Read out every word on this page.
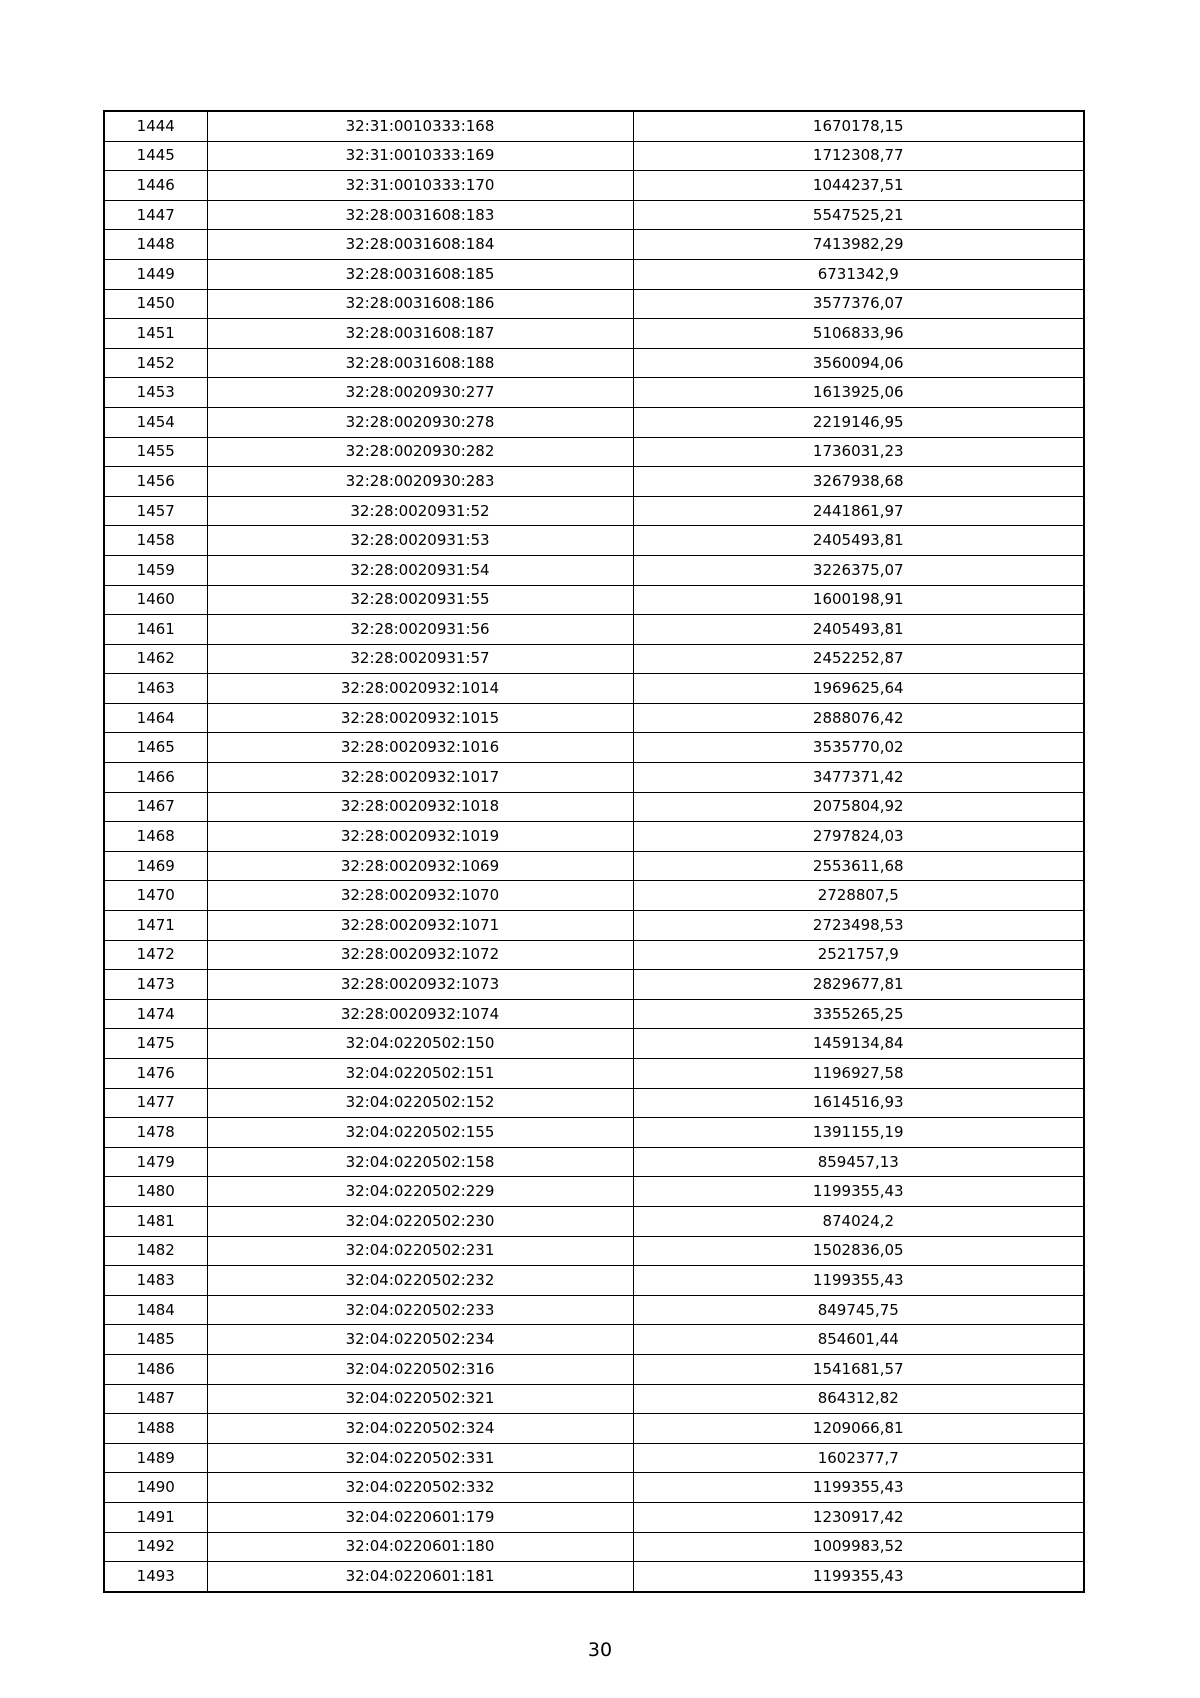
1444	32:31:0010333:168	1670178,15
1445	32:31:0010333:169	1712308,77
1446	32:31:0010333:170	1044237,51
1447	32:28:0031608:183	5547525,21
1448	32:28:0031608:184	7413982,29
1449	32:28:0031608:185	6731342,9
1450	32:28:0031608:186	3577376,07
1451	32:28:0031608:187	5106833,96
1452	32:28:0031608:188	3560094,06
1453	32:28:0020930:277	1613925,06
1454	32:28:0020930:278	2219146,95
1455	32:28:0020930:282	1736031,23
1456	32:28:0020930:283	3267938,68
1457	32:28:0020931:52	2441861,97
1458	32:28:0020931:53	2405493,81
1459	32:28:0020931:54	3226375,07
1460	32:28:0020931:55	1600198,91
1461	32:28:0020931:56	2405493,81
1462	32:28:0020931:57	2452252,87
1463	32:28:0020932:1014	1969625,64
1464	32:28:0020932:1015	2888076,42
1465	32:28:0020932:1016	3535770,02
1466	32:28:0020932:1017	3477371,42
1467	32:28:0020932:1018	2075804,92
1468	32:28:0020932:1019	2797824,03
1469	32:28:0020932:1069	2553611,68
1470	32:28:0020932:1070	2728807,5
1471	32:28:0020932:1071	2723498,53
1472	32:28:0020932:1072	2521757,9
1473	32:28:0020932:1073	2829677,81
1474	32:28:0020932:1074	3355265,25
1475	32:04:0220502:150	1459134,84
1476	32:04:0220502:151	1196927,58
1477	32:04:0220502:152	1614516,93
1478	32:04:0220502:155	1391155,19
1479	32:04:0220502:158	859457,13
1480	32:04:0220502:229	1199355,43
1481	32:04:0220502:230	874024,2
1482	32:04:0220502:231	1502836,05
1483	32:04:0220502:232	1199355,43
1484	32:04:0220502:233	849745,75
1485	32:04:0220502:234	854601,44
1486	32:04:0220502:316	1541681,57
1487	32:04:0220502:321	864312,82
1488	32:04:0220502:324	1209066,81
1489	32:04:0220502:331	1602377,7
1490	32:04:0220502:332	1199355,43
1491	32:04:0220601:179	1230917,42
1492	32:04:0220601:180	1009983,52
1493	32:04:0220601:181	1199355,43
30
